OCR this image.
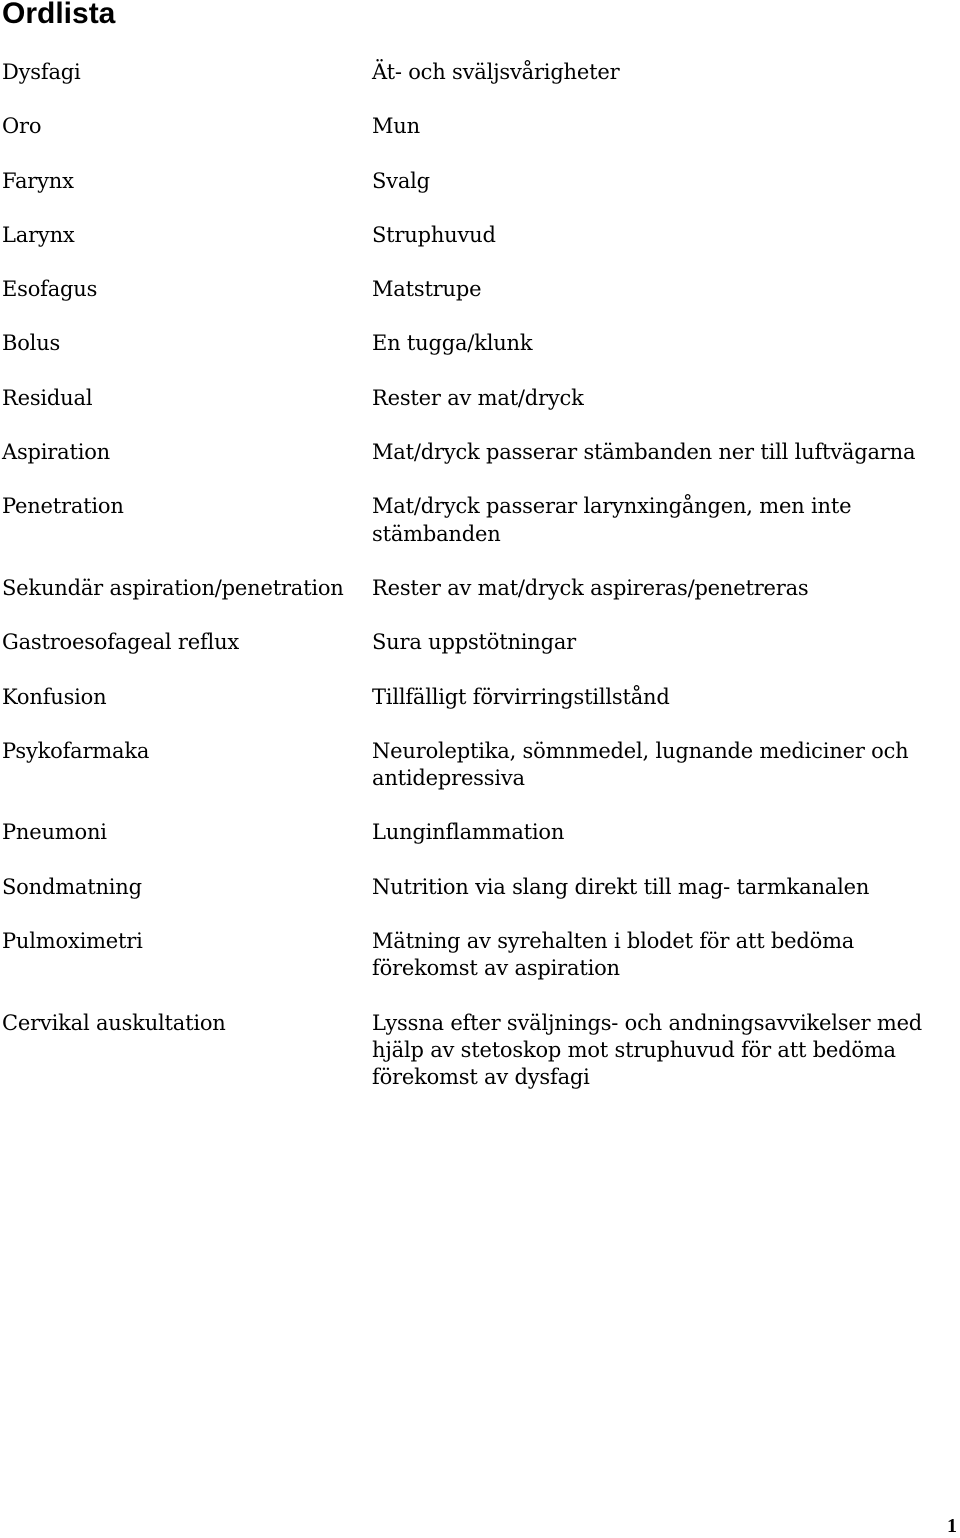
Ordlista
Dysfagi	Ät- och sväljsvårigheter
Oro	Mun
Farynx	Svalg
Larynx	Struphuvud
Esofagus	Matstrupe
Bolus	En tugga/klunk
Residual	Rester av mat/dryck
Aspiration	Mat/dryck passerar stämbanden ner till luftvägarna
Penetration	Mat/dryck passerar larynxingången, men inte stämbanden
Sekundär aspiration/penetration	Rester av mat/dryck aspireras/penetreras
Gastroesofageal reflux	Sura uppstötningar
Konfusion	Tillfälligt förvirringstillstånd
Psykofarmaka	Neuroleptika, sömnmedel, lugnande mediciner och antidepressiva
Pneumoni	Lunginflammation
Sondmatning	Nutrition via slang direkt till mag- tarmkanalen
Pulmoximetri	Mätning av syrehalten i blodet för att bedöma förekomst av aspiration
Cervikal auskultation	Lyssna efter sväljnings- och andningsavvikelser med hjälp av stetoskop mot struphuvud för att bedöma förekomst av dysfagi
1
